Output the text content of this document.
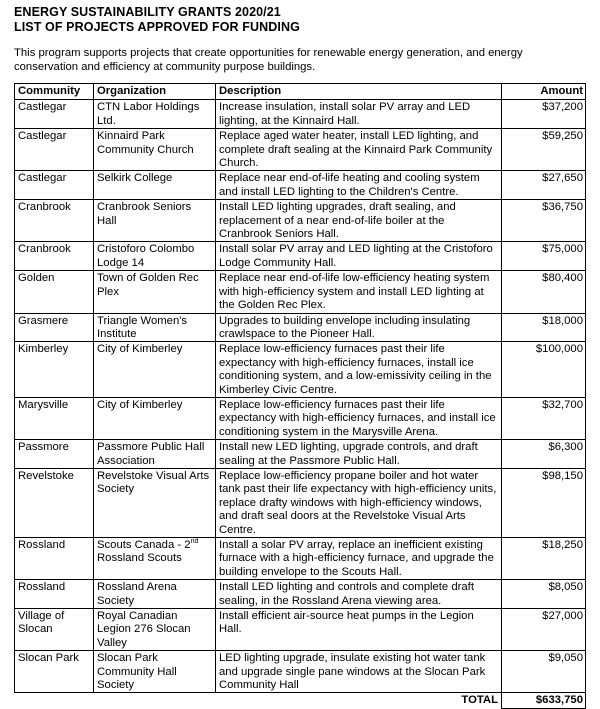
ENERGY SUSTAINABILITY GRANTS 2020/21
LIST OF PROJECTS APPROVED FOR FUNDING
This program supports projects that create opportunities for renewable energy generation, and energy conservation and efficiency at community purpose buildings.
Community	Organization	Description	Amount
Castlegar	CTN Labor Holdings Ltd.	Increase insulation, install solar PV array and LED lighting, at the Kinnaird Hall.	$37,200
Castlegar	Kinnaird Park Community Church	Replace aged water heater, install LED lighting, and complete draft sealing at the Kinnaird Park Community Church.	$59,250
Castlegar	Selkirk College	Replace near end-of-life heating and cooling system and install LED lighting to the Children's Centre.	$27,650
Cranbrook	Cranbrook Seniors Hall	Install LED lighting upgrades, draft sealing, and replacement of a near end-of-life boiler at the Cranbrook Seniors Hall.	$36,750
Cranbrook	Cristoforo Colombo Lodge 14	Install solar PV array and LED lighting at the Cristoforo Lodge Community Hall.	$75,000
Golden	Town of Golden Rec Plex	Replace near end-of-life low-efficiency heating system with high-efficiency system and install LED lighting at the Golden Rec Plex.	$80,400
Grasmere	Triangle Women's Institute	Upgrades to building envelope including insulating crawlspace to the Pioneer Hall.	$18,000
Kimberley	City of Kimberley	Replace low-efficiency furnaces past their life expectancy with high-efficiency furnaces, install ice conditioning system, and a low-emissivity ceiling in the Kimberley Civic Centre.	$100,000
Marysville	City of Kimberley	Replace low-efficiency furnaces past their life expectancy with high-efficiency furnaces, and install ice conditioning system in the Marysville Arena.	$32,700
Passmore	Passmore Public Hall Association	Install new LED lighting, upgrade controls, and draft sealing at the Passmore Public Hall.	$6,300
Revelstoke	Revelstoke Visual Arts Society	Replace low-efficiency propane boiler and hot water tank past their life expectancy with high-efficiency units, replace drafty windows with high-efficiency windows, and draft seal doors at the Revelstoke Visual Arts Centre.	$98,150
Rossland	Scouts Canada - 2nd Rossland Scouts	Install a solar PV array, replace an inefficient existing furnace with a high-efficiency furnace, and upgrade the building envelope to the Scouts Hall.	$18,250
Rossland	Rossland Arena Society	Install LED lighting and controls and complete draft sealing, in the Rossland Arena viewing area.	$8,050
Village of Slocan	Royal Canadian Legion 276 Slocan Valley	Install efficient air-source heat pumps in the Legion Hall.	$27,000
Slocan Park	Slocan Park Community Hall Society	LED lighting upgrade, insulate existing hot water tank and upgrade single pane windows at the Slocan Park Community Hall	$9,050
		TOTAL	$633,750
